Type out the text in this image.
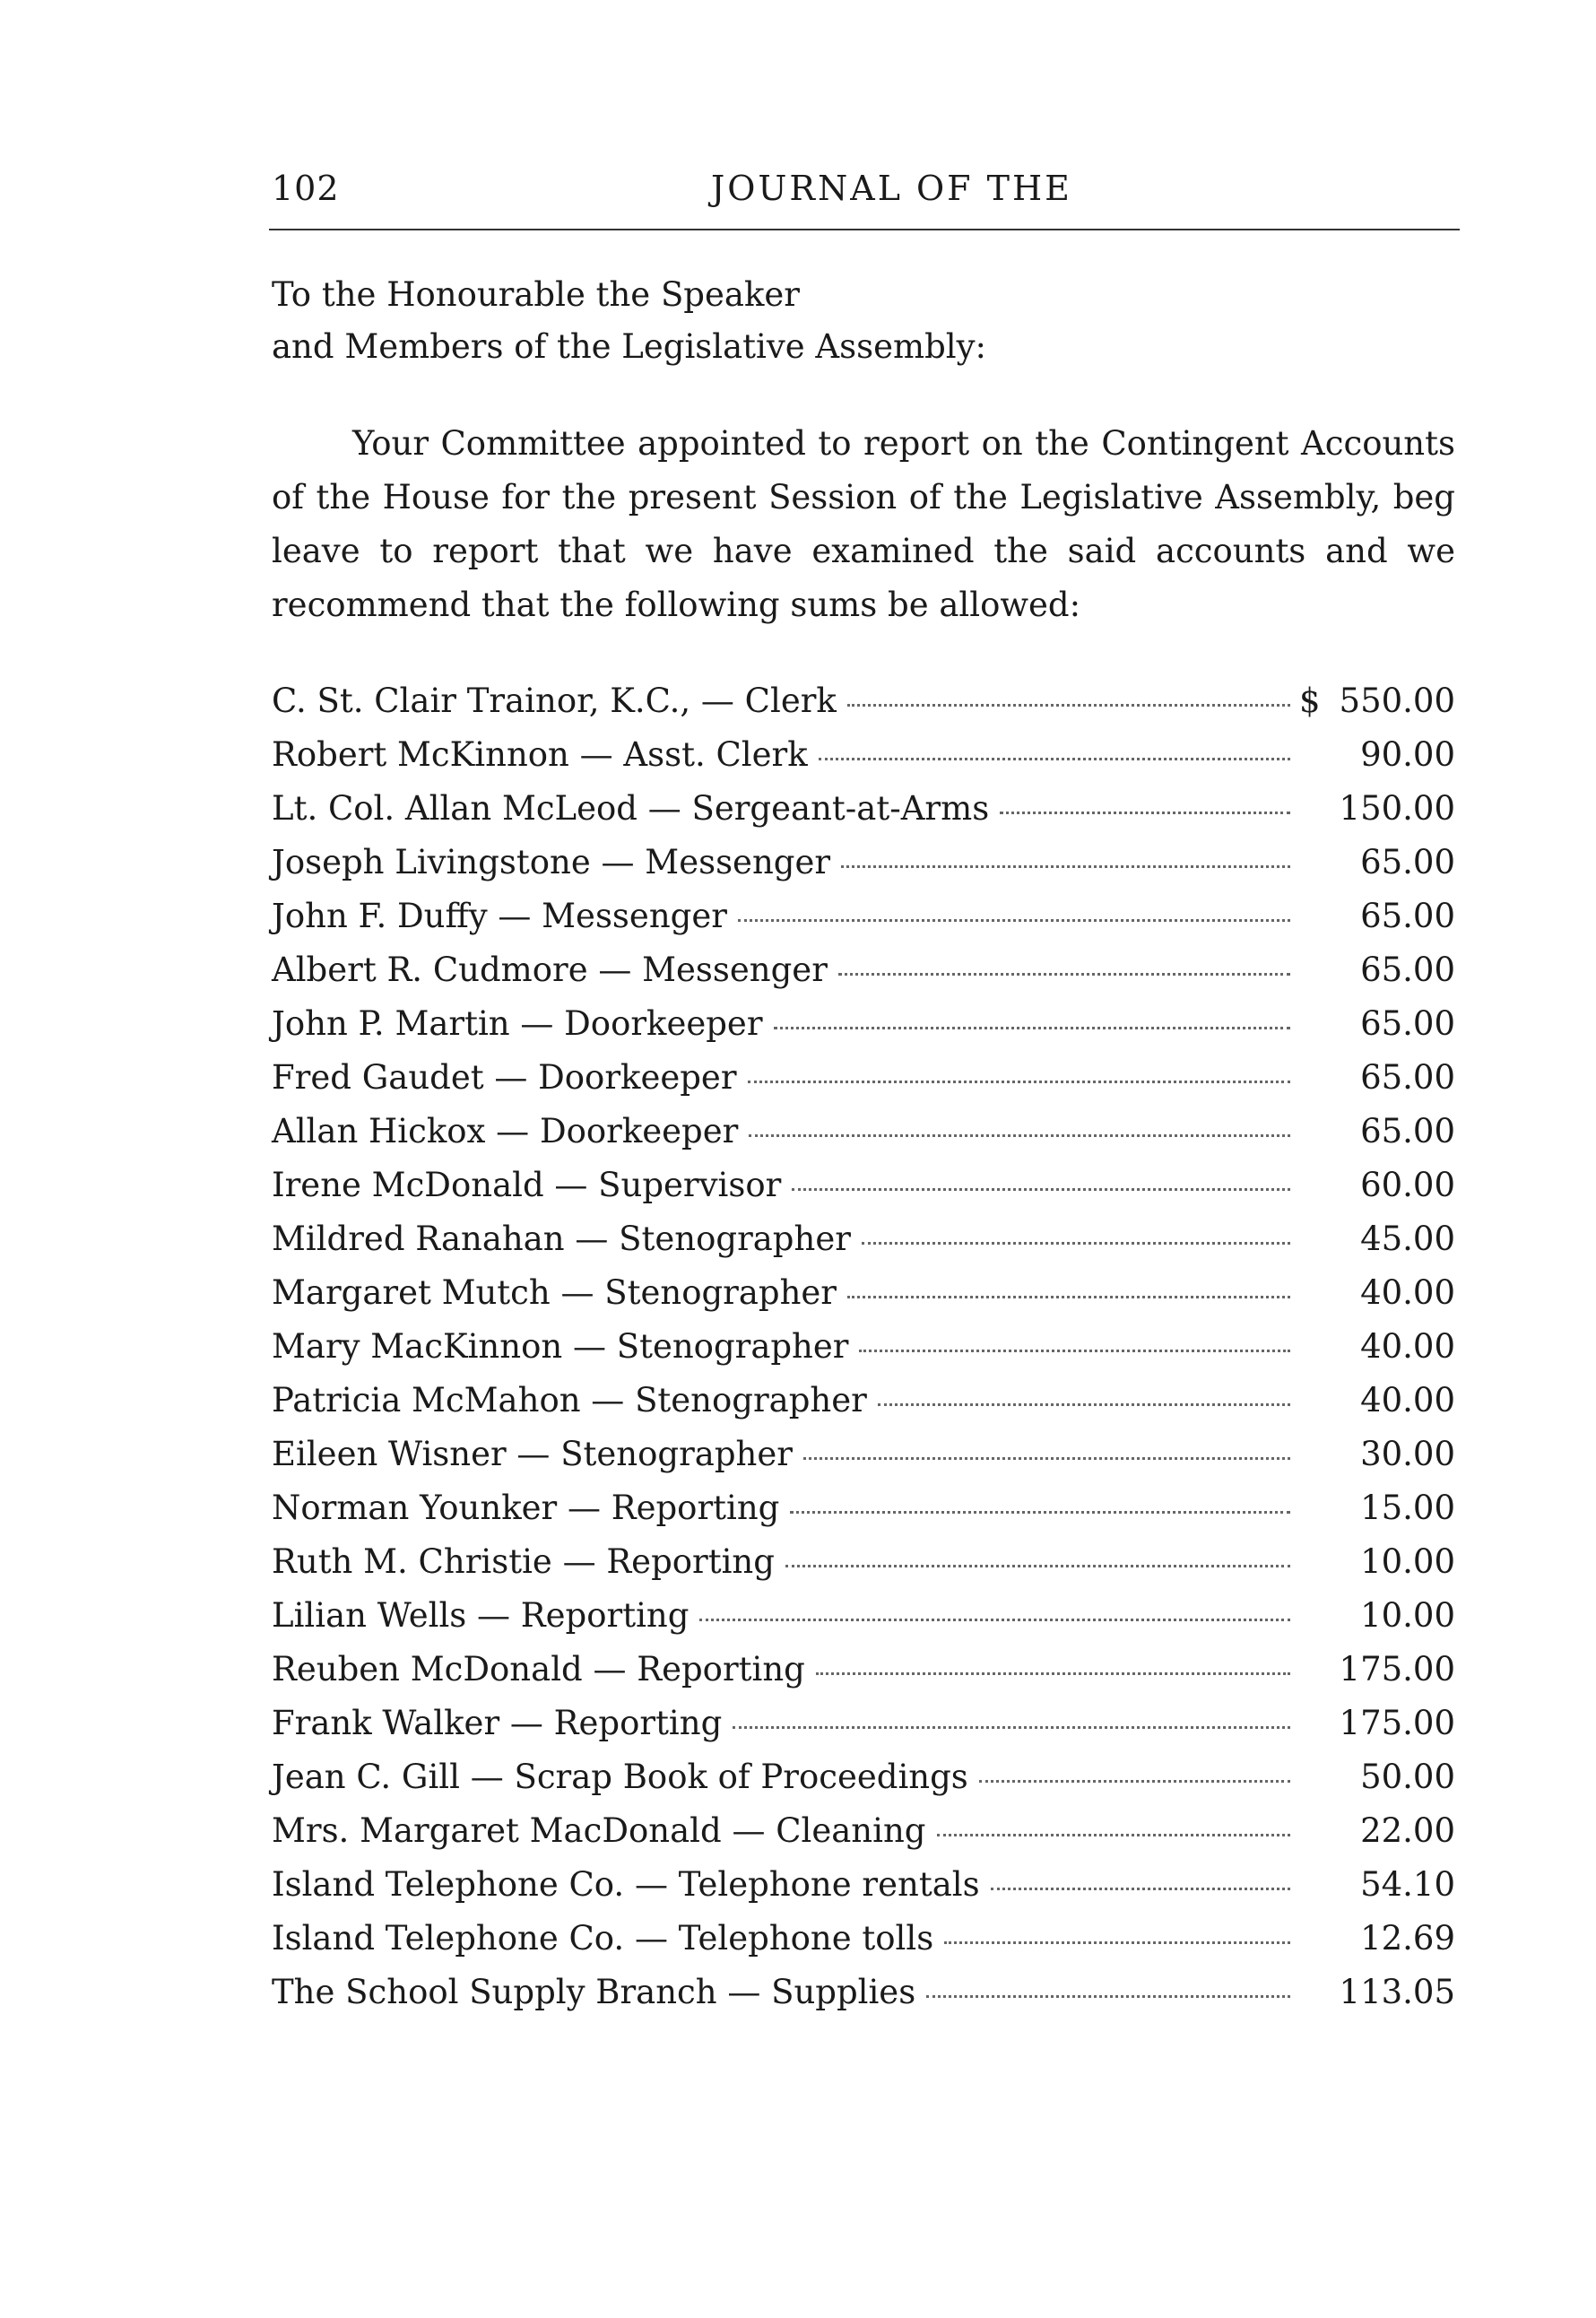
102	JOURNAL OF THE
To the Honourable the Speaker
and Members of the Legislative Assembly:
Your Committee appointed to report on the Contingent Accounts of the House for the present Session of the Legislative Assembly, beg leave to report that we have examined the said accounts and we recommend that the following sums be allowed:
C. St. Clair Trainor, K.C., — Clerk	$ 550.00
Robert McKinnon — Asst. Clerk	90.00
Lt. Col. Allan McLeod — Sergeant-at-Arms	150.00
Joseph Livingstone — Messenger	65.00
John F. Duffy — Messenger	65.00
Albert R. Cudmore — Messenger	65.00
John P. Martin — Doorkeeper	65.00
Fred Gaudet — Doorkeeper	65.00
Allan Hickox — Doorkeeper	65.00
Irene McDonald — Supervisor	60.00
Mildred Ranahan — Stenographer	45.00
Margaret Mutch — Stenographer	40.00
Mary MacKinnon — Stenographer	40.00
Patricia McMahon — Stenographer	40.00
Eileen Wisner — Stenographer	30.00
Norman Younker — Reporting	15.00
Ruth M. Christie — Reporting	10.00
Lilian Wells — Reporting	10.00
Reuben McDonald — Reporting	175.00
Frank Walker — Reporting	175.00
Jean C. Gill — Scrap Book of Proceedings	50.00
Mrs. Margaret MacDonald — Cleaning	22.00
Island Telephone Co. — Telephone rentals	54.10
Island Telephone Co. — Telephone tolls	12.69
The School Supply Branch — Supplies	113.05
